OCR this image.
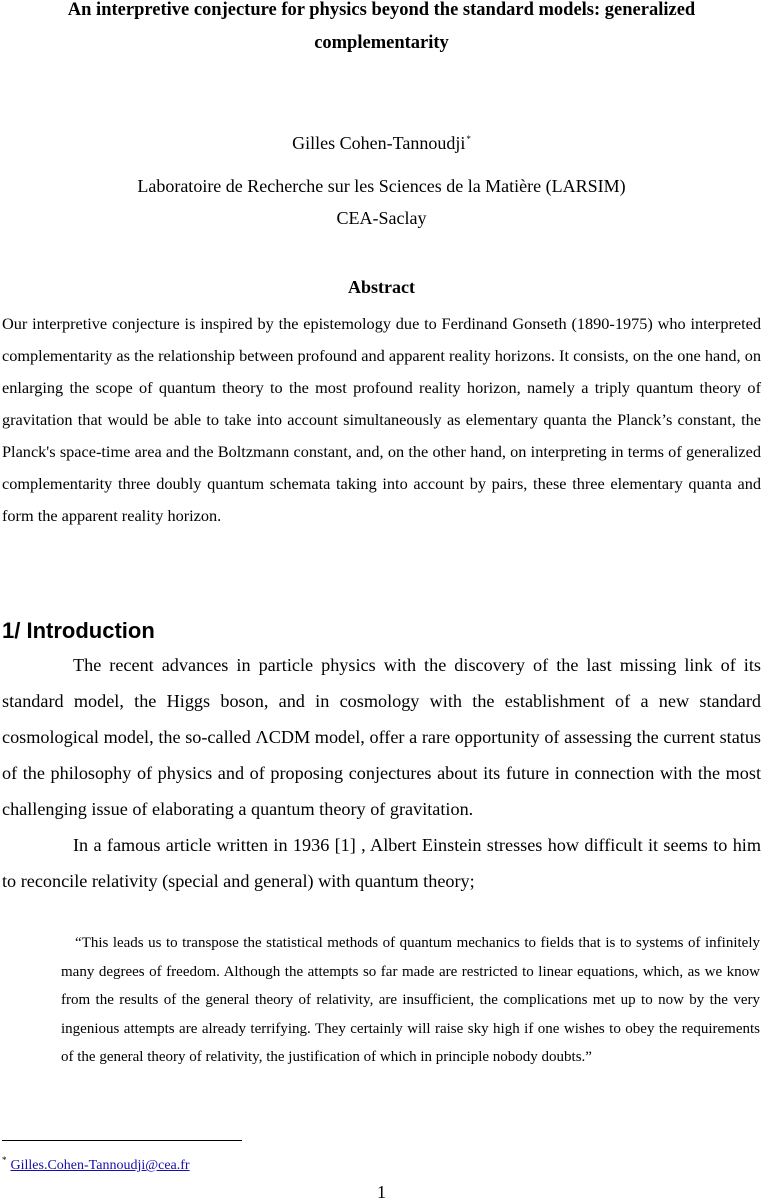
An interpretive conjecture for physics beyond the standard models: generalized complementarity
Gilles Cohen-Tannoudji*
Laboratoire de Recherche sur les Sciences de la Matière (LARSIM)
CEA-Saclay
Abstract

Our interpretive conjecture is inspired by the epistemology due to Ferdinand Gonseth (1890-1975) who interpreted complementarity as the relationship between profound and apparent reality horizons. It consists, on the one hand, on enlarging the scope of quantum theory to the most profound reality horizon, namely a triply quantum theory of gravitation that would be able to take into account simultaneously as elementary quanta the Planck’s constant, the Planck's space-time area and the Boltzmann constant, and, on the other hand, on interpreting in terms of generalized complementarity three doubly quantum schemata taking into account by pairs, these three elementary quanta and form the apparent reality horizon.

1/ Introduction

The recent advances in particle physics with the discovery of the last missing link of its standard model, the Higgs boson, and in cosmology with the establishment of a new standard cosmological model, the so-called ΛCDM model, offer a rare opportunity of assessing the current status of the philosophy of physics and of proposing conjectures about its future in connection with the most challenging issue of elaborating a quantum theory of gravitation.

In a famous article written in 1936 [1] , Albert Einstein stresses how difficult it seems to him to reconcile relativity (special and general) with quantum theory;

“This leads us to transpose the statistical methods of quantum mechanics to fields that is to systems of infinitely many degrees of freedom. Although the attempts so far made are restricted to linear equations, which, as we know from the results of the general theory of relativity, are insufficient, the complications met up to now by the very ingenious attempts are already terrifying. They certainly will raise sky high if one wishes to obey the requirements of the general theory of relativity, the justification of which in principle nobody doubts.”

* Gilles.Cohen-Tannoudji@cea.fr
1
